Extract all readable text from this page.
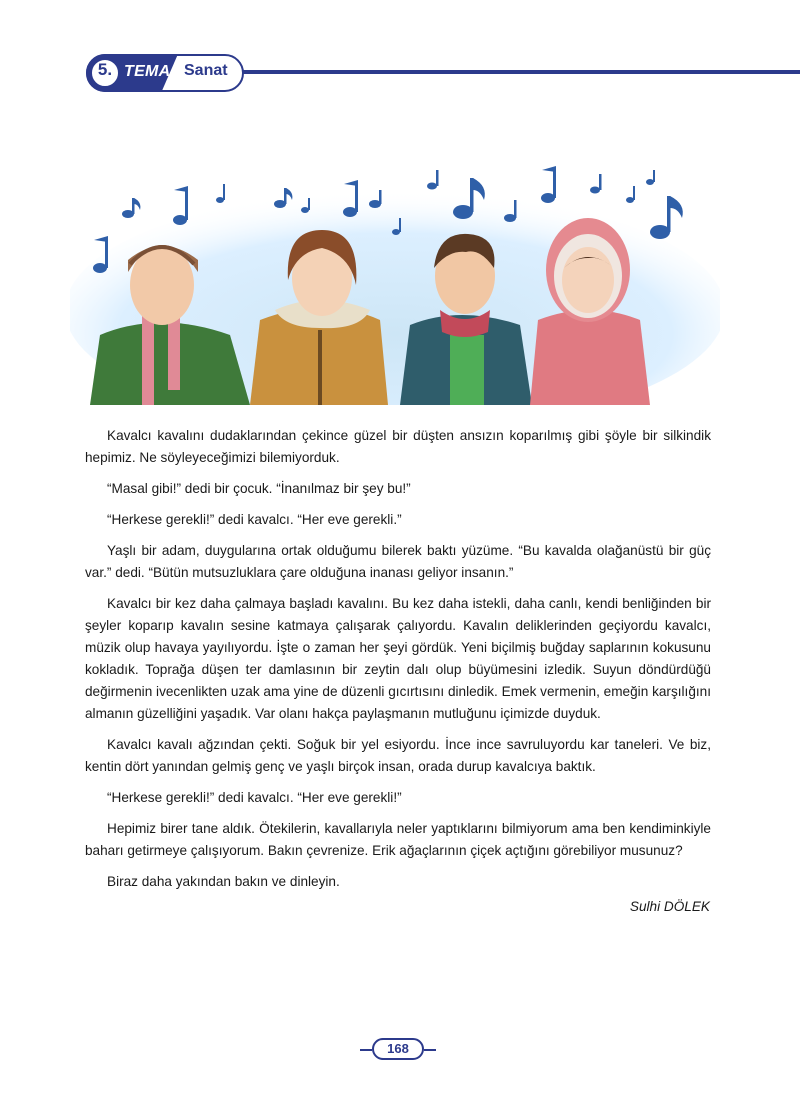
5. TEMA Sanat

Kavalcı kavalını dudaklarından çekince güzel bir düşten ansızın koparılmış gibi şöyle bir silkindik hepimiz. Ne söyleyeceğimizi bilemiyorduk.

“Masal gibi!” dedi bir çocuk. “İnanılmaz bir şey bu!”

“Herkese gerekli!” dedi kavalcı. “Her eve gerekli.”

Yaşlı bir adam, duygularına ortak olduğumu bilerek baktı yüzüme. “Bu kavalda olağanüstü bir güç var.” dedi. “Bütün mutsuzluklara çare olduğuna inanası geliyor insanın.”

Kavalcı bir kez daha çalmaya başladı kavalını. Bu kez daha istekli, daha canlı, kendi benliğinden bir şeyler koparıp kavalın sesine katmaya çalışarak çalıyordu. Kavalın deliklerinden geçiyordu kavalcı, müzik olup havaya yayılıyordu. İşte o zaman her şeyi gördük. Yeni biçilmiş buğday saplarının kokusunu kokladık. Toprağa düşen ter damlasının bir zeytin dalı olup büyümesini izledik. Suyun döndürdüğü değirmenin ivecenlikten uzak ama yine de düzenli gıcırtısını dinledik. Emek vermenin, emeğin karşılığını almanın güzelliğini yaşadık. Var olanı hakça paylaşmanın mutluğunu içimizde duyduk.

Kavalcı kavalı ağzından çekti. Soğuk bir yel esiyordu. İnce ince savruluyordu kar taneleri. Ve biz, kentin dört yanından gelmiş genç ve yaşlı birçok insan, orada durup kavalcıya baktık.

“Herkese gerekli!” dedi kavalcı. “Her eve gerekli!”

Hepimiz birer tane aldık. Ötekilerin, kavallarıyla neler yaptıklarını bilmiyorum ama ben kendiminkiyle baharı getirmeye çalışıyorum. Bakın çevrenize. Erik ağaçlarının çiçek açtığını görebiliyor musunuz?

Biraz daha yakından bakın ve dinleyin.

Sulhi DÖLEK
168
